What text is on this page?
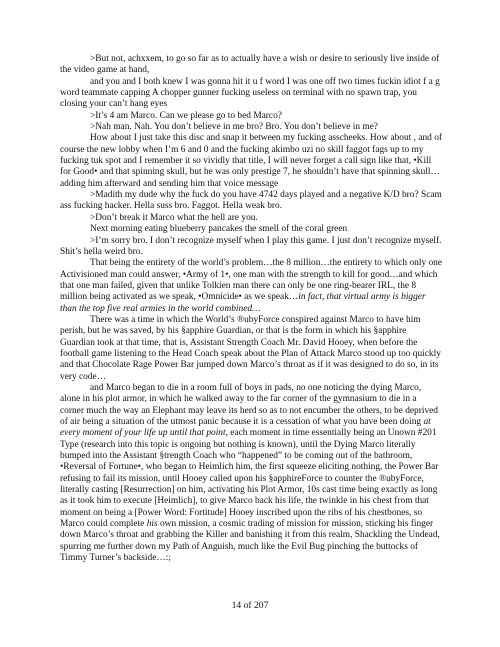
>But not, achxxem, to go so far as to actually have a wish or desire to seriously live inside of the video game at hand,

and you and I both knew I was gonna hit it u f word I was one off two times fuckin idiot f a g word teammate capping A chopper gunner fucking useless on terminal with no spawn trap, you closing your can’t hang eyes

>It’s 4 am Marco. Can we please go to bed Marco?

>Nah man. Nah. You don’t believe in me bro? Bro. You don’t believe in me?

How about I just take this disc and snap it between my fucking asscheeks. How about , and of course the new lobby when I’m 6 and 0 and the fucking akimbo uzi no skill faggot fags up to my fucking tuk spot and I remember it so vividly that title, I will never forget a call sign like that, •Kill for Good• and that spinning skull, but he was only prestige 7, he shouldn’t have that spinning skull…adding him afterward and sending him that voice message

>Madith my dude why the fuck do you have 4742 days played and a negative K/D bro? Scam ass fucking hacker. Hella suss bro. Faggot. Hella weak bro.

>Don’t break it Marco what the hell are you.

Next morning eating blueberry pancakes the smell of the coral green

>I’m sorry bro. I don’t recognize myself when I play this game. I just don’t recognize myself. Shit’s hella weird bro.

That being the entirety of the world’s problem…the 8 million…the entirety to which only one Activisioned man could answer, •Army of 1•, one man with the strength to kill for good…and which that one man failed, given that unlike Tolkien man there can only be one ring-bearer IRL, the 8 million being activated as we speak, •Omnicide• as we speak…in fact, that virtual army is bigger than the top five real armies in the world combined…

There was a time in which the World’s ®ubyForce conspired against Marco to have him perish, but he was saved, by his §apphire Guardian, or that is the form in which his §apphire Guardian took at that time, that is, Assistant Strength Coach Mr. David Hooey, when before the football game listening to the Head Coach speak about the Plan of Attack Marco stood up too quickly and that Chocolate Rage Power Bar jumped down Marco’s throat as if it was designed to do so, in its very code…

and Marco began to die in a room full of boys in pads, no one noticing the dying Marco, alone in his plot armor, in which he walked away to the far corner of the gymnasium to die in a corner much the way an Elephant may leave its herd so as to not encumber the others, to be deprived of air being a situation of the utmost panic because it is a cessation of what you have been doing at every moment of your life up until that point, each moment in time essentially being an Unown #201 Type (research into this topic is ongoing but nothing is known), until the Dying Marco literally bumped into the Assistant §trength Coach who “happened” to be coming out of the bathroom, •Reversal of Fortune•, who began to Heimlich him, the first squeeze eliciting nothing, the Power Bar refusing to fail its mission, until Hooey called upon his §apphireForce to counter the ®ubyForce, literally casting [Resurrection] on him, activating his Plot Armor, 10s cast time being exactly as long as it took him to execute [Heimlich], to give Marco back his life, the twinkle in his chest from that moment on being a [Power Word: Fortitude] Hooey inscribed upon the ribs of his chestbones, so Marco could complete his own mission, a cosmic trading of mission for mission, sticking his finger down Marco’s throat and grabbing the Killer and banishing it from this realm, Shackling the Undead, spurring me further down my Path of Anguish, much like the Evil Bug pinching the buttocks of Timmy Turner’s backside…:;

14 of 207
